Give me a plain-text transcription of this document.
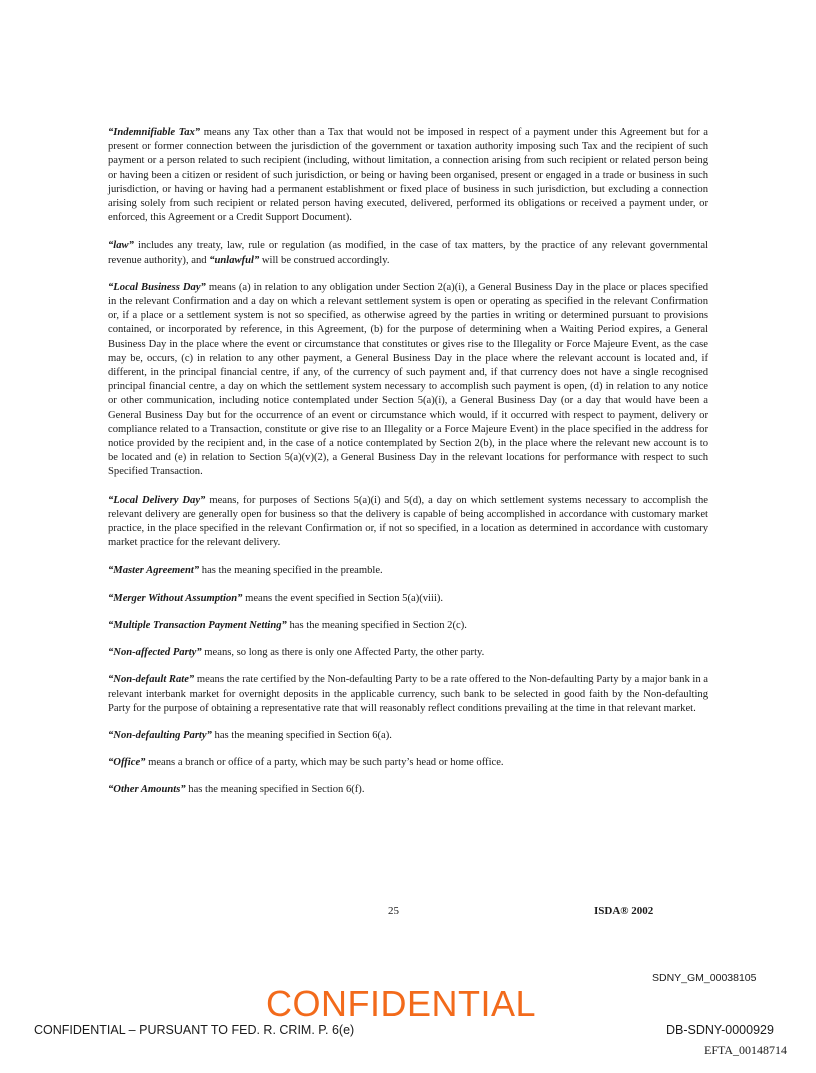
“Indemnifiable Tax” means any Tax other than a Tax that would not be imposed in respect of a payment under this Agreement but for a present or former connection between the jurisdiction of the government or taxation authority imposing such Tax and the recipient of such payment or a person related to such recipient (including, without limitation, a connection arising from such recipient or related person being or having been a citizen or resident of such jurisdiction, or being or having been organised, present or engaged in a trade or business in such jurisdiction, or having or having had a permanent establishment or fixed place of business in such jurisdiction, but excluding a connection arising solely from such recipient or related person having executed, delivered, performed its obligations or received a payment under, or enforced, this Agreement or a Credit Support Document).

“law” includes any treaty, law, rule or regulation (as modified, in the case of tax matters, by the practice of any relevant governmental revenue authority), and “unlawful” will be construed accordingly.

“Local Business Day” means (a) in relation to any obligation under Section 2(a)(i), a General Business Day in the place or places specified in the relevant Confirmation and a day on which a relevant settlement system is open or operating as specified in the relevant Confirmation or, if a place or a settlement system is not so specified, as otherwise agreed by the parties in writing or determined pursuant to provisions contained, or incorporated by reference, in this Agreement, (b) for the purpose of determining when a Waiting Period expires, a General Business Day in the place where the event or circumstance that constitutes or gives rise to the Illegality or Force Majeure Event, as the case may be, occurs, (c) in relation to any other payment, a General Business Day in the place where the relevant account is located and, if different, in the principal financial centre, if any, of the currency of such payment and, if that currency does not have a single recognised principal financial centre, a day on which the settlement system necessary to accomplish such payment is open, (d) in relation to any notice or other communication, including notice contemplated under Section 5(a)(i), a General Business Day (or a day that would have been a General Business Day but for the occurrence of an event or circumstance which would, if it occurred with respect to payment, delivery or compliance related to a Transaction, constitute or give rise to an Illegality or a Force Majeure Event) in the place specified in the address for notice provided by the recipient and, in the case of a notice contemplated by Section 2(b), in the place where the relevant new account is to be located and (e) in relation to Section 5(a)(v)(2), a General Business Day in the relevant locations for performance with respect to such Specified Transaction.

“Local Delivery Day” means, for purposes of Sections 5(a)(i) and 5(d), a day on which settlement systems necessary to accomplish the relevant delivery are generally open for business so that the delivery is capable of being accomplished in accordance with customary market practice, in the place specified in the relevant Confirmation or, if not so specified, in a location as determined in accordance with customary market practice for the relevant delivery.

“Master Agreement” has the meaning specified in the preamble.

“Merger Without Assumption” means the event specified in Section 5(a)(viii).

“Multiple Transaction Payment Netting” has the meaning specified in Section 2(c).

“Non-affected Party” means, so long as there is only one Affected Party, the other party.

“Non-default Rate” means the rate certified by the Non-defaulting Party to be a rate offered to the Non-defaulting Party by a major bank in a relevant interbank market for overnight deposits in the applicable currency, such bank to be selected in good faith by the Non-defaulting Party for the purpose of obtaining a representative rate that will reasonably reflect conditions prevailing at the time in that relevant market.

“Non-defaulting Party” has the meaning specified in Section 6(a).

“Office” means a branch or office of a party, which may be such party’s head or home office.

“Other Amounts” has the meaning specified in Section 6(f).

25	ISDA® 2002
SDNY_GM_00038105
CONFIDENTIAL
CONFIDENTIAL – PURSUANT TO FED. R. CRIM. P. 6(e)	DB-SDNY-0000929
EFTA_00148714
